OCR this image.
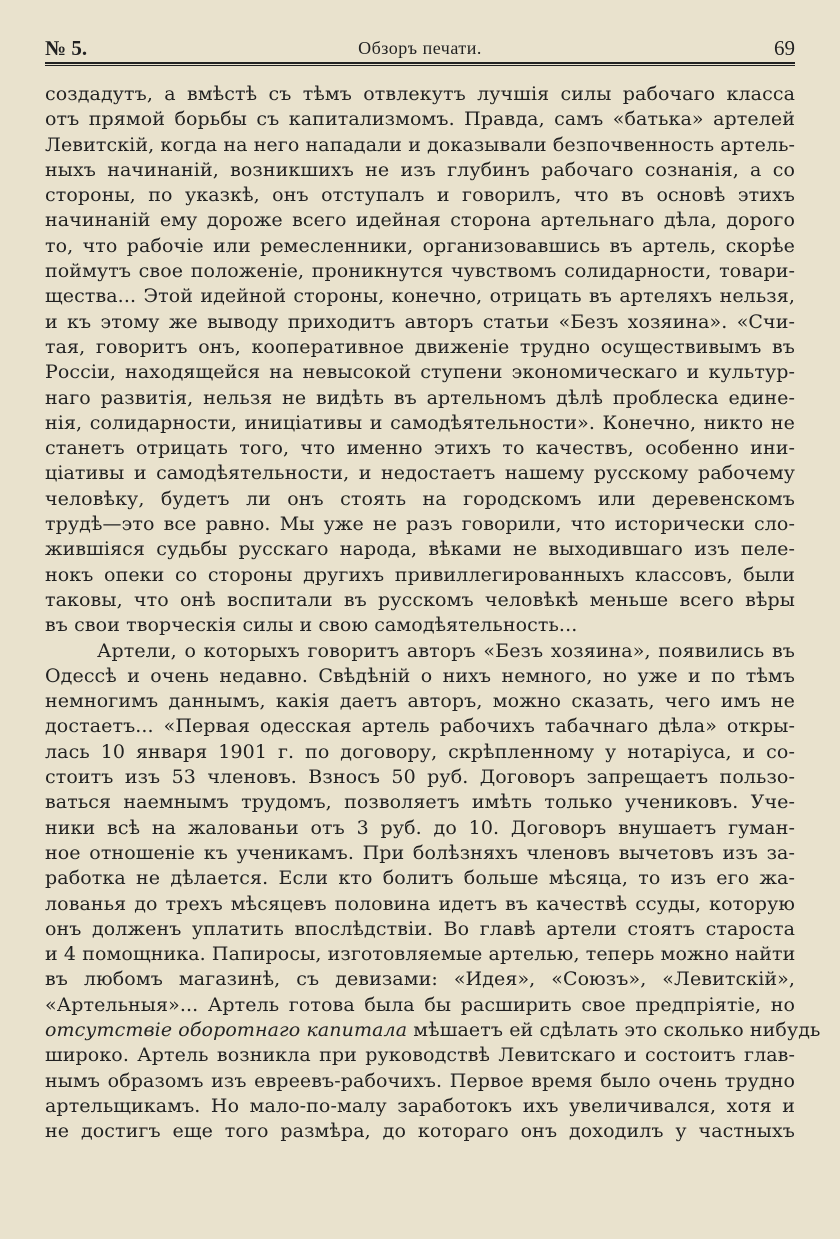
№ 5.	Обзоръ печати.	69
создадутъ, а вмѣстѣ съ тѣмъ отвлекутъ лучшія силы рабочаго класса
отъ прямой борьбы съ капитализмомъ. Правда, самъ «батька» артелей
Левитскій, когда на него нападали и доказывали безпочвенность артель-
ныхъ начинаній, возникшихъ не изъ глубинъ рабочаго сознанія, а со
стороны, по указкѣ, онъ отступалъ и говорилъ, что въ основѣ этихъ
начинаній ему дороже всего идейная сторона артельнаго дѣла, дорого
то, что рабочіе или ремесленники, организовавшись въ артель, скорѣе
поймутъ свое положеніе, проникнутся чувствомъ солидарности, товари-
щества... Этой идейной стороны, конечно, отрицать въ артеляхъ нельзя,
и къ этому же выводу приходитъ авторъ статьи «Безъ хозяина». «Счи-
тая, говоритъ онъ, кооперативное движеніе трудно осуществивымъ въ
Россіи, находящейся на невысокой ступени экономическаго и культур-
наго развитія, нельзя не видѣть въ артельномъ дѣлѣ проблеска едине-
нія, солидарности, иниціативы и самодѣятельности». Конечно, никто не
станетъ отрицать того, что именно этихъ то качествъ, особенно ини-
ціативы и самодѣятельности, и недостаетъ нашему русскому рабочему
человѣку, будетъ ли онъ стоять на городскомъ или деревенскомъ
трудѣ—это все равно. Мы уже не разъ говорили, что исторически сло-
жившіяся судьбы русскаго народа, вѣками не выходившаго изъ пеле-
нокъ опеки со стороны другихъ привиллегированныхъ классовъ, были
таковы, что онѣ воспитали въ русскомъ человѣкѣ меньше всего вѣры
въ свои творческія силы и свою самодѣятельность...
Артели, о которыхъ говоритъ авторъ «Безъ хозяина», появились въ
Одессѣ и очень недавно. Свѣдѣній о нихъ немного, но уже и по тѣмъ
немногимъ даннымъ, какія даетъ авторъ, можно сказать, чего имъ не
достаетъ... «Первая одесская артель рабочихъ табачнаго дѣла» откры-
лась 10 января 1901 г. по договору, скрѣпленному у нотаріуса, и со-
стоитъ изъ 53 членовъ. Взносъ 50 руб. Договоръ запрещаетъ пользо-
ваться наемнымъ трудомъ, позволяетъ имѣть только учениковъ. Уче-
ники всѣ на жалованьи отъ 3 руб. до 10. Договоръ внушаетъ гуман-
ное отношеніе къ ученикамъ. При болѣзняхъ членовъ вычетовъ изъ за-
работка не дѣлается. Если кто болитъ больше мѣсяца, то изъ его жа-
лованья до трехъ мѣсяцевъ половина идетъ въ качествѣ ссуды, которую
онъ долженъ уплатить впослѣдствіи. Во главѣ артели стоятъ староста
и 4 помощника. Папиросы, изготовляемые артелью, теперь можно найти
въ любомъ магазинѣ, съ девизами: «Идея», «Союзъ», «Левитскій»,
«Артельныя»... Артель готова была бы расширить свое предпріятіе, но
отсутствіе оборотнаго капитала мѣшаетъ ей сдѣлать это сколько нибудь
широко. Артель возникла при руководствѣ Левитскаго и состоитъ глав-
нымъ образомъ изъ евреевъ-рабочихъ. Первое время было очень трудно
артельщикамъ. Но мало-по-малу заработокъ ихъ увеличивался, хотя и
не достигъ еще того размѣра, до котораго онъ доходилъ у частныхъ
